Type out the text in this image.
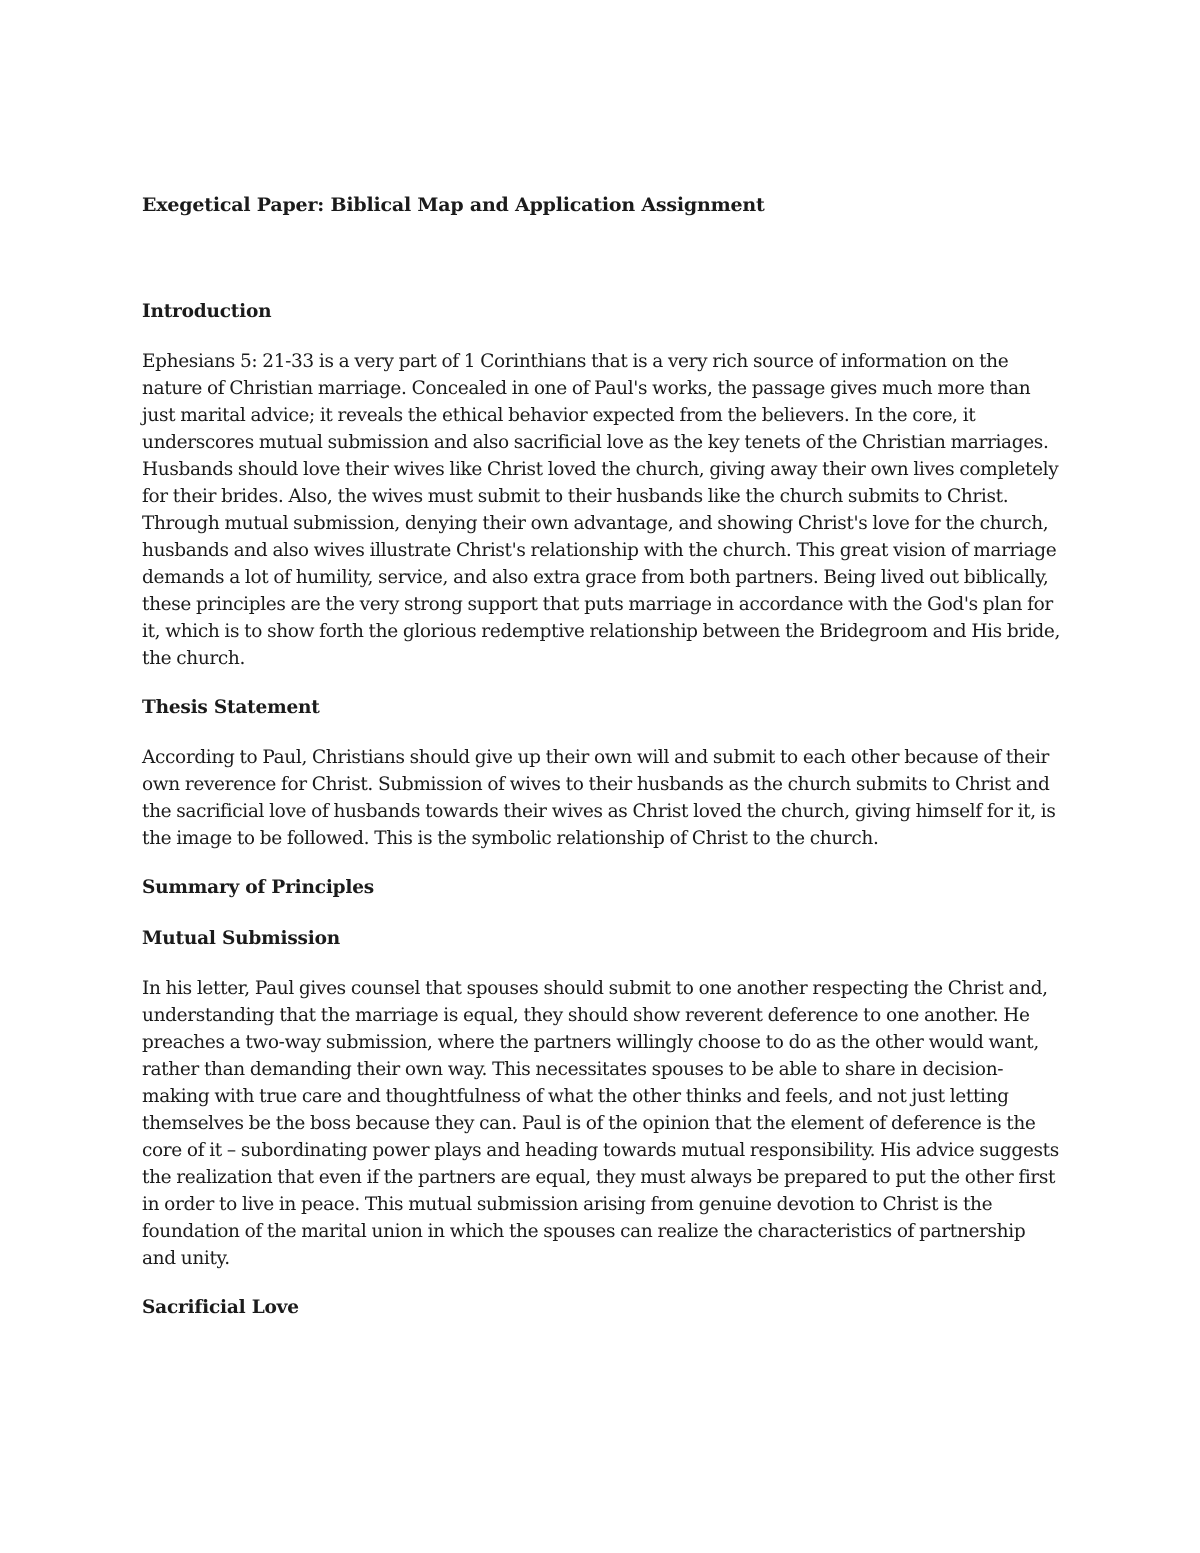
Exegetical Paper: Biblical Map and Application Assignment
Introduction

Ephesians 5: 21-33 is a very part of 1 Corinthians that is a very rich source of information on the nature of Christian marriage. Concealed in one of Paul's works, the passage gives much more than just marital advice; it reveals the ethical behavior expected from the believers. In the core, it underscores mutual submission and also sacrificial love as the key tenets of the Christian marriages. Husbands should love their wives like Christ loved the church, giving away their own lives completely for their brides. Also, the wives must submit to their husbands like the church submits to Christ. Through mutual submission, denying their own advantage, and showing Christ's love for the church, husbands and also wives illustrate Christ's relationship with the church. This great vision of marriage demands a lot of humility, service, and also extra grace from both partners. Being lived out biblically, these principles are the very strong support that puts marriage in accordance with the God's plan for it, which is to show forth the glorious redemptive relationship between the Bridegroom and His bride, the church.

Thesis Statement

According to Paul, Christians should give up their own will and submit to each other because of their own reverence for Christ. Submission of wives to their husbands as the church submits to Christ and the sacrificial love of husbands towards their wives as Christ loved the church, giving himself for it, is the image to be followed. This is the symbolic relationship of Christ to the church.

Summary of Principles
Mutual Submission

In his letter, Paul gives counsel that spouses should submit to one another respecting the Christ and, understanding that the marriage is equal, they should show reverent deference to one another. He preaches a two-way submission, where the partners willingly choose to do as the other would want, rather than demanding their own way. This necessitates spouses to be able to share in decision-making with true care and thoughtfulness of what the other thinks and feels, and not just letting themselves be the boss because they can. Paul is of the opinion that the element of deference is the core of it – subordinating power plays and heading towards mutual responsibility. His advice suggests the realization that even if the partners are equal, they must always be prepared to put the other first in order to live in peace. This mutual submission arising from genuine devotion to Christ is the foundation of the marital union in which the spouses can realize the characteristics of partnership and unity.

Sacrificial Love
